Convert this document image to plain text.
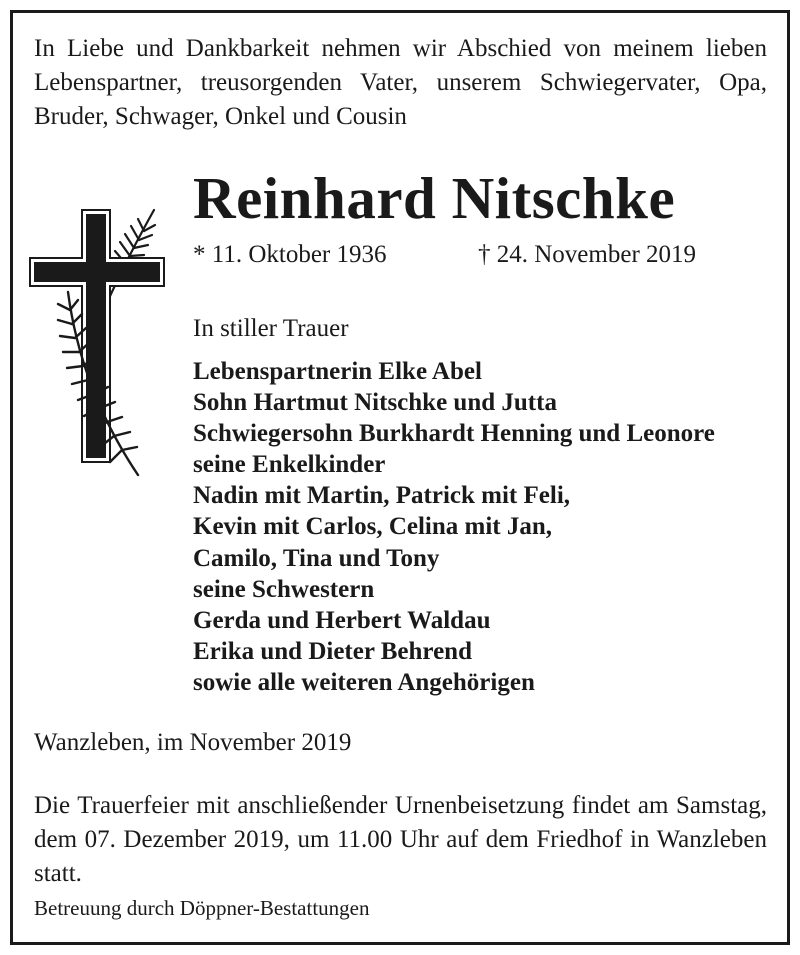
In Liebe und Dankbarkeit nehmen wir Abschied von meinem lieben Lebenspartner, treusorgenden Vater, unserem Schwiegervater, Opa, Bruder, Schwager, Onkel und Cousin

Reinhard Nitschke
* 11. Oktober 1936	† 24. November 2019
In stiller Trauer
Lebenspartnerin Elke Abel
Sohn Hartmut Nitschke und Jutta
Schwiegersohn Burkhardt Henning und Leonore
seine Enkelkinder
Nadin mit Martin, Patrick mit Feli,
Kevin mit Carlos, Celina mit Jan,
Camilo, Tina und Tony
seine Schwestern
Gerda und Herbert Waldau
Erika und Dieter Behrend
sowie alle weiteren Angehörigen
Wanzleben, im November 2019

Die Trauerfeier mit anschließender Urnenbeisetzung findet am Samstag, dem 07. Dezember 2019, um 11.00 Uhr auf dem Friedhof in Wanzleben statt.

Betreuung durch Döppner-Bestattungen
